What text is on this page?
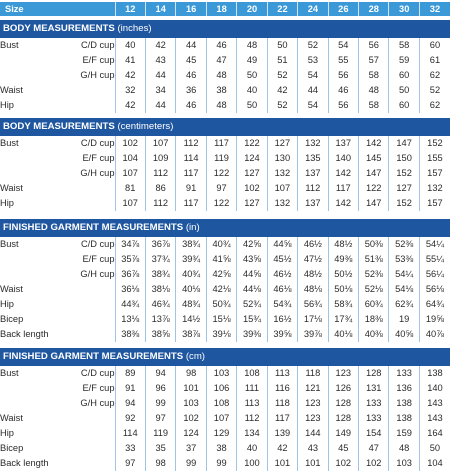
Size	12	14	16	18	20	22	24	26	28	30	32
BODY MEASUREMENTS (inches)												
Bust	C/D cup	40	42	44	46	48	50	52	54	56	58	60
	E/F cup	41	43	45	47	49	51	53	55	57	59	61
	G/H cup	42	44	46	48	50	52	54	56	58	60	62
Waist		32	34	36	38	40	42	44	46	48	50	52
Hip		42	44	46	48	50	52	54	56	58	60	62
BODY MEASUREMENTS (centimeters)												
Bust	C/D cup	102	107	112	117	122	127	132	137	142	147	152
	E/F cup	104	109	114	119	124	130	135	140	145	150	155
	G/H cup	107	112	117	122	127	132	137	142	147	152	157
Waist		81	86	91	97	102	107	112	117	122	127	132
Hip		107	112	117	122	127	132	137	142	147	152	157
FINISHED GARMENT MEASUREMENTS (in)												
Bust	C/D cup	34⅞	36⅞	38¾	40¾	42⅝	44⅝	46½	48½	50⅜	52⅜	54¼
	E/F cup	35⅞	37¾	39¾	41⅝	43⅝	45½	47½	49⅜	51⅜	53⅜	55¼
	G/H cup	36⅞	38¾	40¾	42⅝	44⅝	46½	48½	50½	52⅜	54¼	56¼
Waist		36⅛	38⅛	40⅛	42⅛	44⅛	46⅛	48⅛	50⅛	52⅛	54⅛	56⅛
Hip		44¾	46¾	48¾	50¾	52¾	54¾	56¾	58¾	60¾	62¾	64¾
Bicep		13⅛	13⅞	14½	15⅛	15¾	16½	17⅛	17¾	18⅜	19	19⅝
Back length		38⅜	38⅝	38⅞	39⅛	39⅜	39⅝	39⅞	40⅛	40⅜	40⅝	40⅞
FINISHED GARMENT MEASUREMENTS (cm)												
Bust	C/D cup	89	94	98	103	108	113	118	123	128	133	138
	E/F cup	91	96	101	106	111	116	121	126	131	136	140
	G/H cup	94	99	103	108	113	118	123	128	133	138	143
Waist		92	97	102	107	112	117	123	128	133	138	143
Hip		114	119	124	129	134	139	144	149	154	159	164
Bicep		33	35	37	38	40	42	43	45	47	48	50
Back length		97	98	99	99	100	101	101	102	102	103	104
